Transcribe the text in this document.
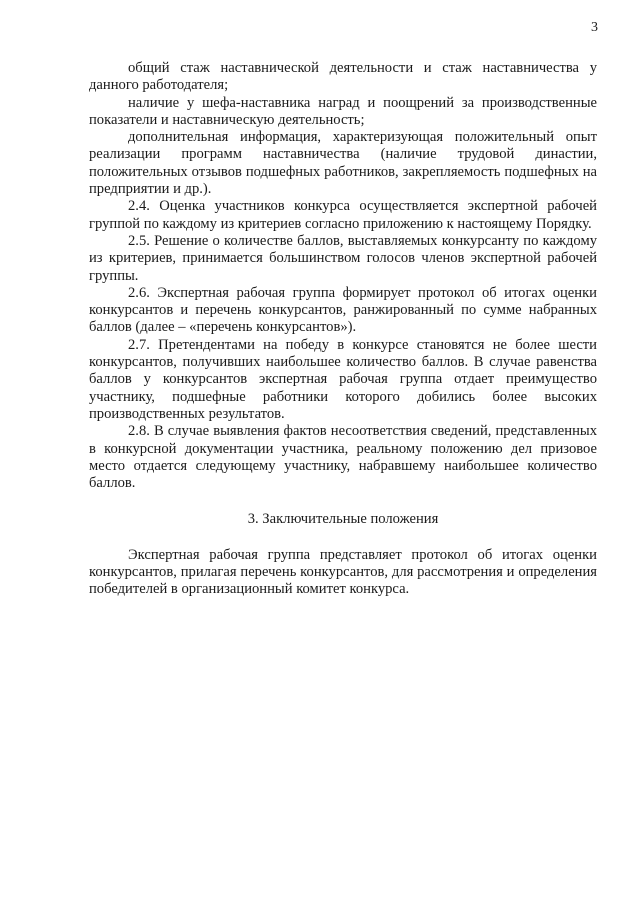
3

общий стаж наставнической деятельности и стаж наставничества у данного работодателя;

наличие у шефа-наставника наград и поощрений за производственные показатели и наставническую деятельность;

дополнительная информация, характеризующая положительный опыт реализации программ наставничества (наличие трудовой династии, положительных отзывов подшефных работников, закрепляемость подшефных на предприятии и др.).

2.4. Оценка участников конкурса осуществляется экспертной рабочей группой по каждому из критериев согласно приложению к настоящему Порядку.

2.5. Решение о количестве баллов, выставляемых конкурсанту по каждому из критериев, принимается большинством голосов членов экспертной рабочей группы.

2.6. Экспертная рабочая группа формирует протокол об итогах оценки конкурсантов и перечень конкурсантов, ранжированный по сумме набранных баллов (далее – «перечень конкурсантов»).

2.7. Претендентами на победу в конкурсе становятся не более шести конкурсантов, получивших наибольшее количество баллов. В случае равенства баллов у конкурсантов экспертная рабочая группа отдает преимущество участнику, подшефные работники которого добились более высоких производственных результатов.

2.8. В случае выявления фактов несоответствия сведений, представленных в конкурсной документации участника, реальному положению дел призовое место отдается следующему участнику, набравшему наибольшее количество баллов.

3. Заключительные положения

Экспертная рабочая группа представляет протокол об итогах оценки конкурсантов, прилагая перечень конкурсантов, для рассмотрения и определения победителей в организационный комитет конкурса.
